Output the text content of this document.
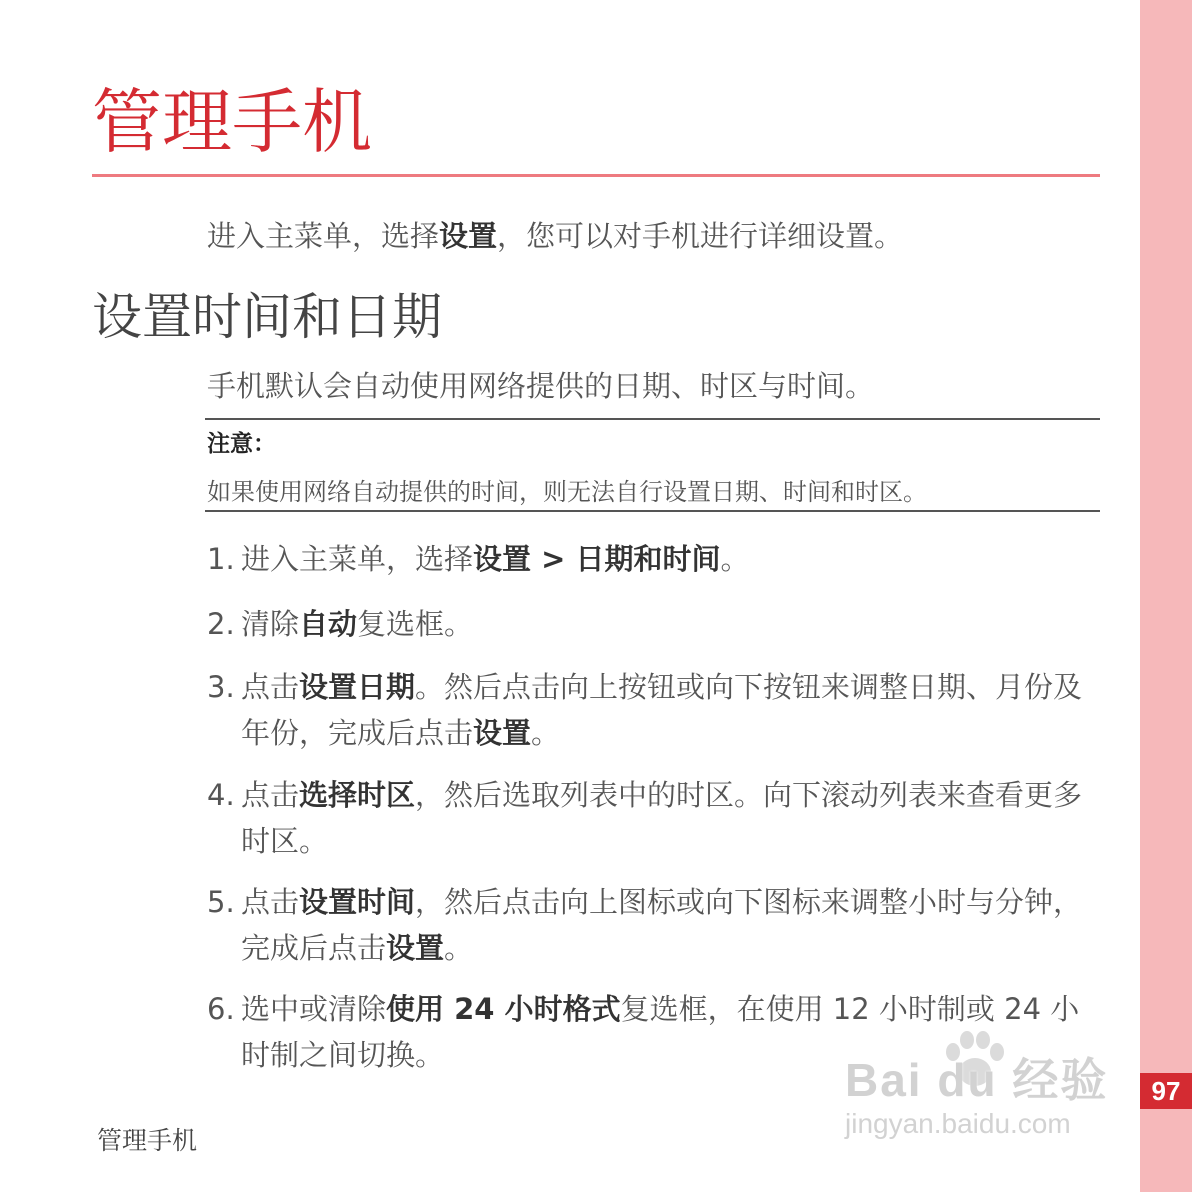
97
管理手机
进入主菜单，选择设置，您可以对手机进行详细设置。
设置时间和日期
手机默认会自动使用网络提供的日期、时区与时间。
注意：
如果使用网络自动提供的时间，则无法自行设置日期、时间和时区。
1. 进入主菜单，选择设置 > 日期和时间。
2. 清除自动复选框。
3. 点击设置日期。然后点击向上按钮或向下按钮来调整日期、月份及年份，完成后点击设置。
4. 点击选择时区，然后选取列表中的时区。向下滚动列表来查看更多时区。
5. 点击设置时间，然后点击向上图标或向下图标来调整小时与分钟，完成后点击设置。
6. 选中或清除使用 24 小时格式复选框，在使用 12 小时制或 24 小时制之间切换。
管理手机
Bai du 经验
jingyan.baidu.com
